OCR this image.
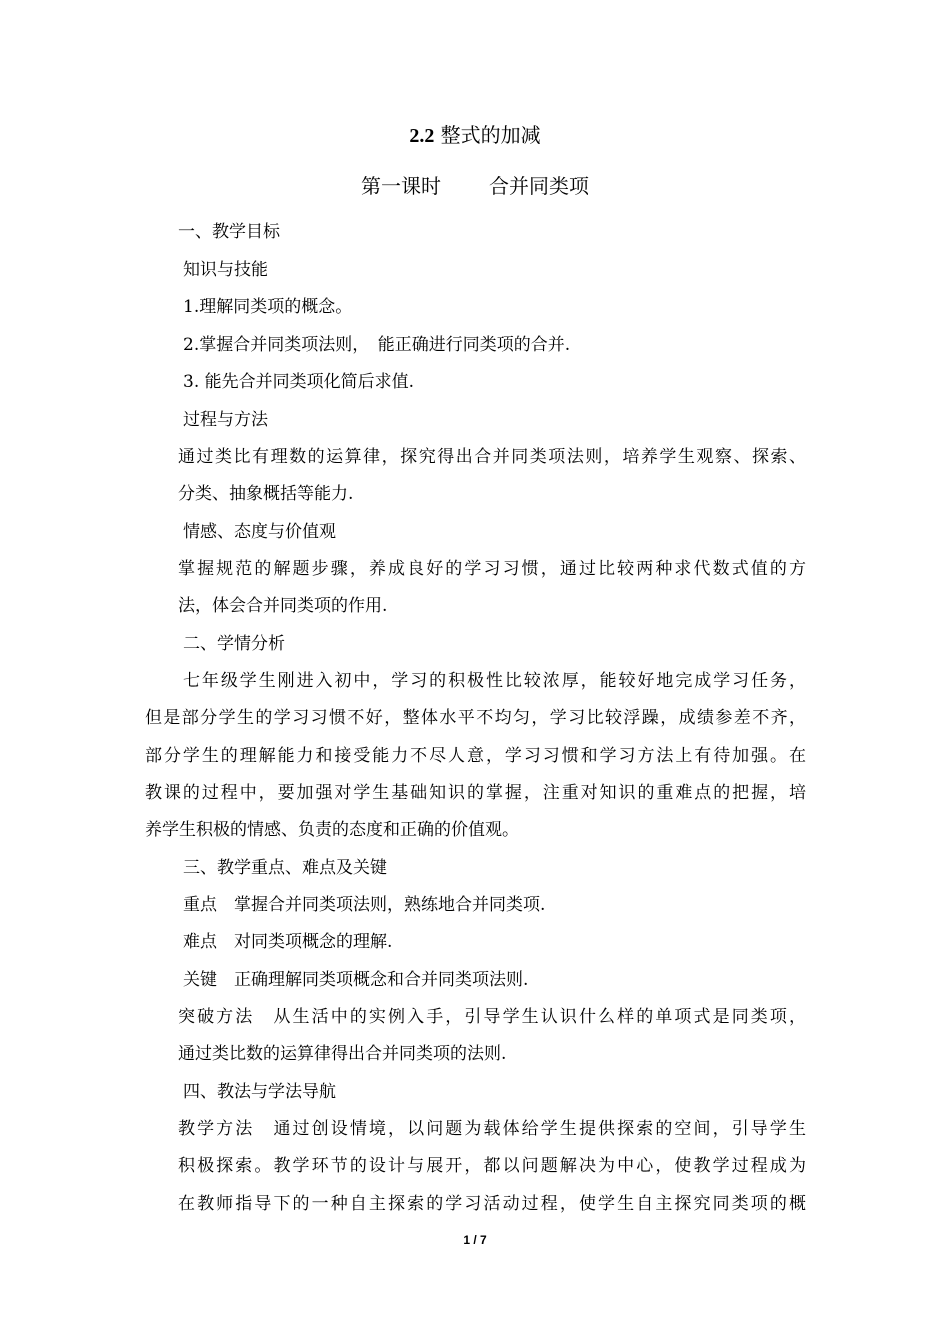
2.2 整式的加减
第一课时 合并同类项
一、教学目标
知识与技能
1.理解同类项的概念。
2.掌握合并同类项法则，　能正确进行同类项的合并.
3. 能先合并同类项化简后求值.
过程与方法
通过类比有理数的运算律，探究得出合并同类项法则，培养学生观察、探索、
分类、抽象概括等能力.
情感、态度与价值观
掌握规范的解题步骤，养成良好的学习习惯，通过比较两种求代数式值的方
法，体会合并同类项的作用.
二、学情分析
七年级学生刚进入初中，学习的积极性比较浓厚，能较好地完成学习任务，
但是部分学生的学习习惯不好，整体水平不均匀，学习比较浮躁，成绩参差不齐，
部分学生的理解能力和接受能力不尽人意，学习习惯和学习方法上有待加强。在
教课的过程中，要加强对学生基础知识的掌握，注重对知识的重难点的把握，培
养学生积极的情感、负责的态度和正确的价值观。
三、教学重点、难点及关键
重点　掌握合并同类项法则，熟练地合并同类项.
难点　对同类项概念的理解.
关键　正确理解同类项概念和合并同类项法则.
突破方法　从生活中的实例入手，引导学生认识什么样的单项式是同类项，
通过类比数的运算律得出合并同类项的法则.
四、教法与学法导航
教学方法　通过创设情境，以问题为载体给学生提供探索的空间，引导学生
积极探索。教学环节的设计与展开，都以问题解决为中心，使教学过程成为
在教师指导下的一种自主探索的学习活动过程，使学生自主探究同类项的概
1 / 7
